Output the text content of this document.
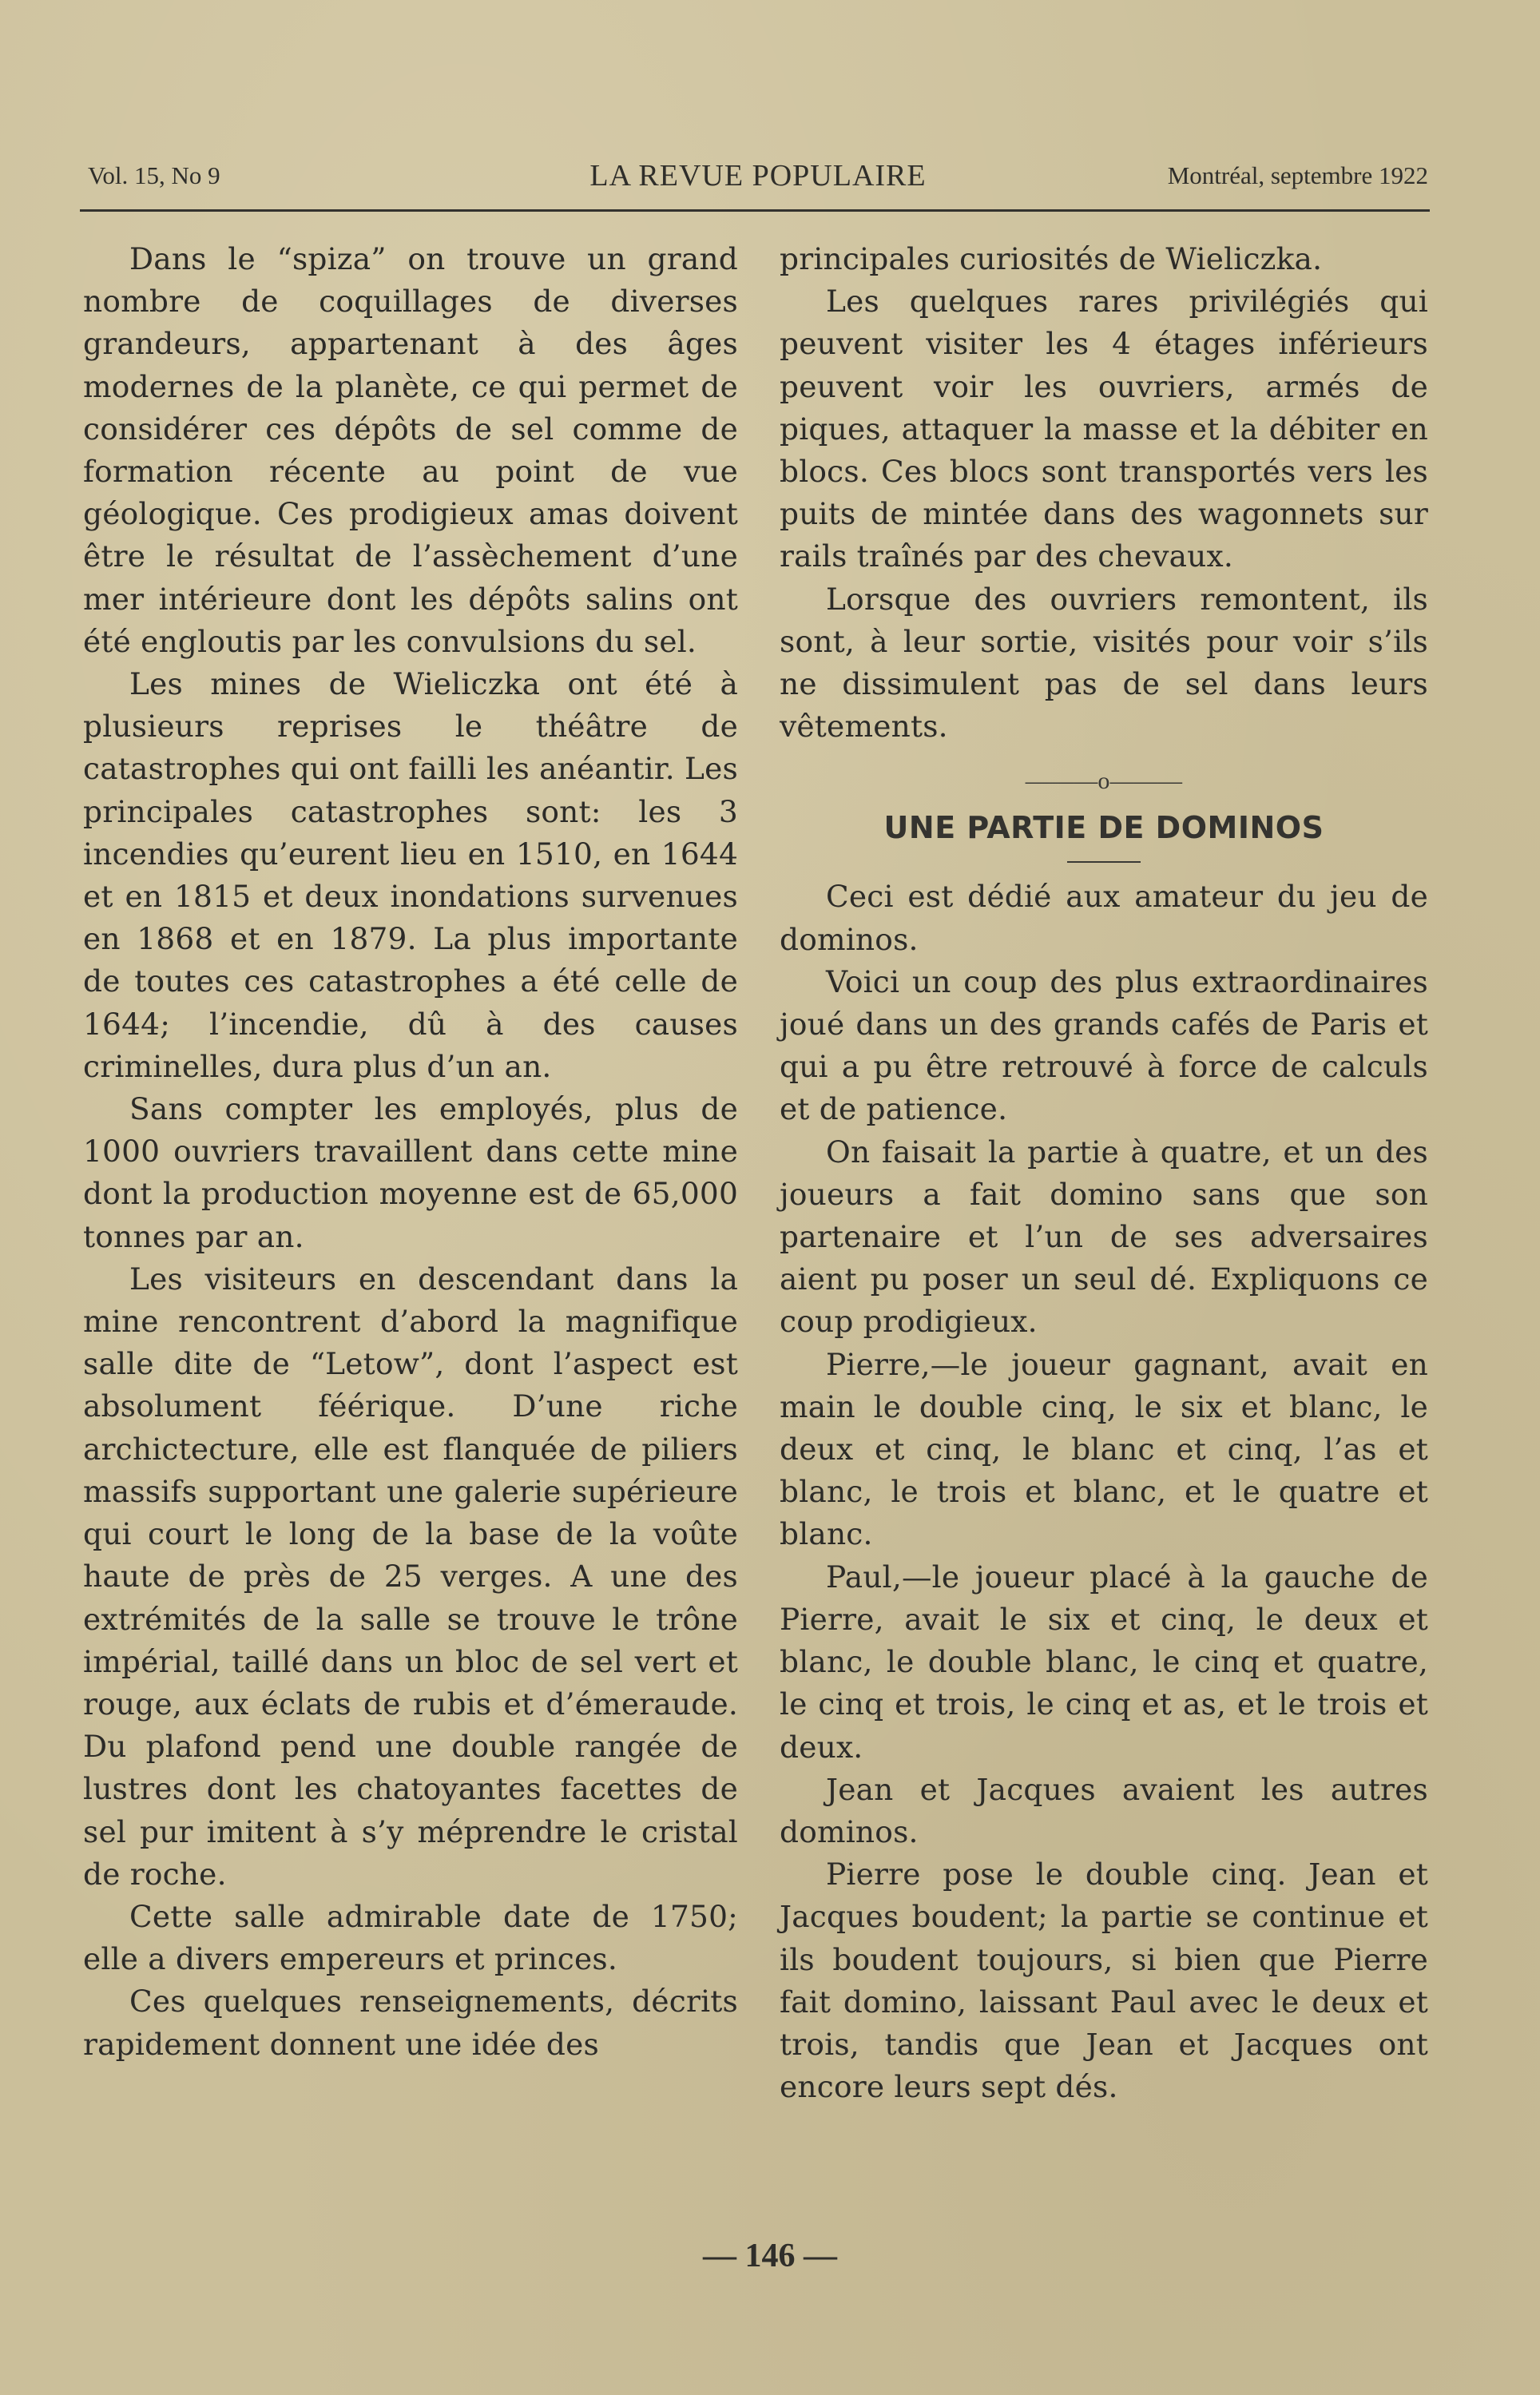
Vol. 15, No 9	LA REVUE POPULAIRE	Montréal, septembre 1922

Dans le “spiza” on trouve un grand nombre de coquillages de diverses grandeurs, appartenant à des âges modernes de la planète, ce qui permet de considérer ces dépôts de sel comme de formation récente au point de vue géologique. Ces prodigieux amas doivent être le résultat de l’assèchement d’une mer intérieure dont les dépôts salins ont été engloutis par les convulsions du sel.

Les mines de Wieliczka ont été à plusieurs reprises le théâtre de catastrophes qui ont failli les anéantir. Les principales catastrophes sont: les 3 incendies qu’eurent lieu en 1510, en 1644 et en 1815 et deux inondations survenues en 1868 et en 1879. La plus importante de toutes ces catastrophes a été celle de 1644; l’incendie, dû à des causes criminelles, dura plus d’un an.

Sans compter les employés, plus de 1000 ouvriers travaillent dans cette mine dont la production moyenne est de 65,000 tonnes par an.

Les visiteurs en descendant dans la mine rencontrent d’abord la magnifique salle dite de “Letow”, dont l’aspect est absolument féérique. D’une riche archictecture, elle est flanquée de piliers massifs supportant une galerie supérieure qui court le long de la base de la voûte haute de près de 25 verges. A une des extrémités de la salle se trouve le trône impérial, taillé dans un bloc de sel vert et rouge, aux éclats de rubis et d’émeraude. Du plafond pend une double rangée de lustres dont les chatoyantes facettes de sel pur imitent à s’y méprendre le cristal de roche.

Cette salle admirable date de 1750; elle a divers empereurs et princes.

Ces quelques renseignements, décrits rapidement donnent une idée des

principales curiosités de Wieliczka.

Les quelques rares privilégiés qui peuvent visiter les 4 étages inférieurs peuvent voir les ouvriers, armés de piques, attaquer la masse et la débiter en blocs. Ces blocs sont transportés vers les puits de mintée dans des wagonnets sur rails traînés par des chevaux.

Lorsque des ouvriers remontent, ils sont, à leur sortie, visités pour voir s’ils ne dissimulent pas de sel dans leurs vêtements.

———o———
UNE PARTIE DE DOMINOS

Ceci est dédié aux amateur du jeu de dominos.

Voici un coup des plus extraordinaires joué dans un des grands cafés de Paris et qui a pu être retrouvé à force de calculs et de patience.

On faisait la partie à quatre, et un des joueurs a fait domino sans que son partenaire et l’un de ses adversaires aient pu poser un seul dé. Expliquons ce coup prodigieux.

Pierre,—le joueur gagnant, avait en main le double cinq, le six et blanc, le deux et cinq, le blanc et cinq, l’as et blanc, le trois et blanc, et le quatre et blanc.

Paul,—le joueur placé à la gauche de Pierre, avait le six et cinq, le deux et blanc, le double blanc, le cinq et quatre, le cinq et trois, le cinq et as, et le trois et deux.

Jean et Jacques avaient les autres dominos.

Pierre pose le double cinq. Jean et Jacques boudent; la partie se continue et ils boudent toujours, si bien que Pierre fait domino, laissant Paul avec le deux et trois, tandis que Jean et Jacques ont encore leurs sept dés.

— 146 —
